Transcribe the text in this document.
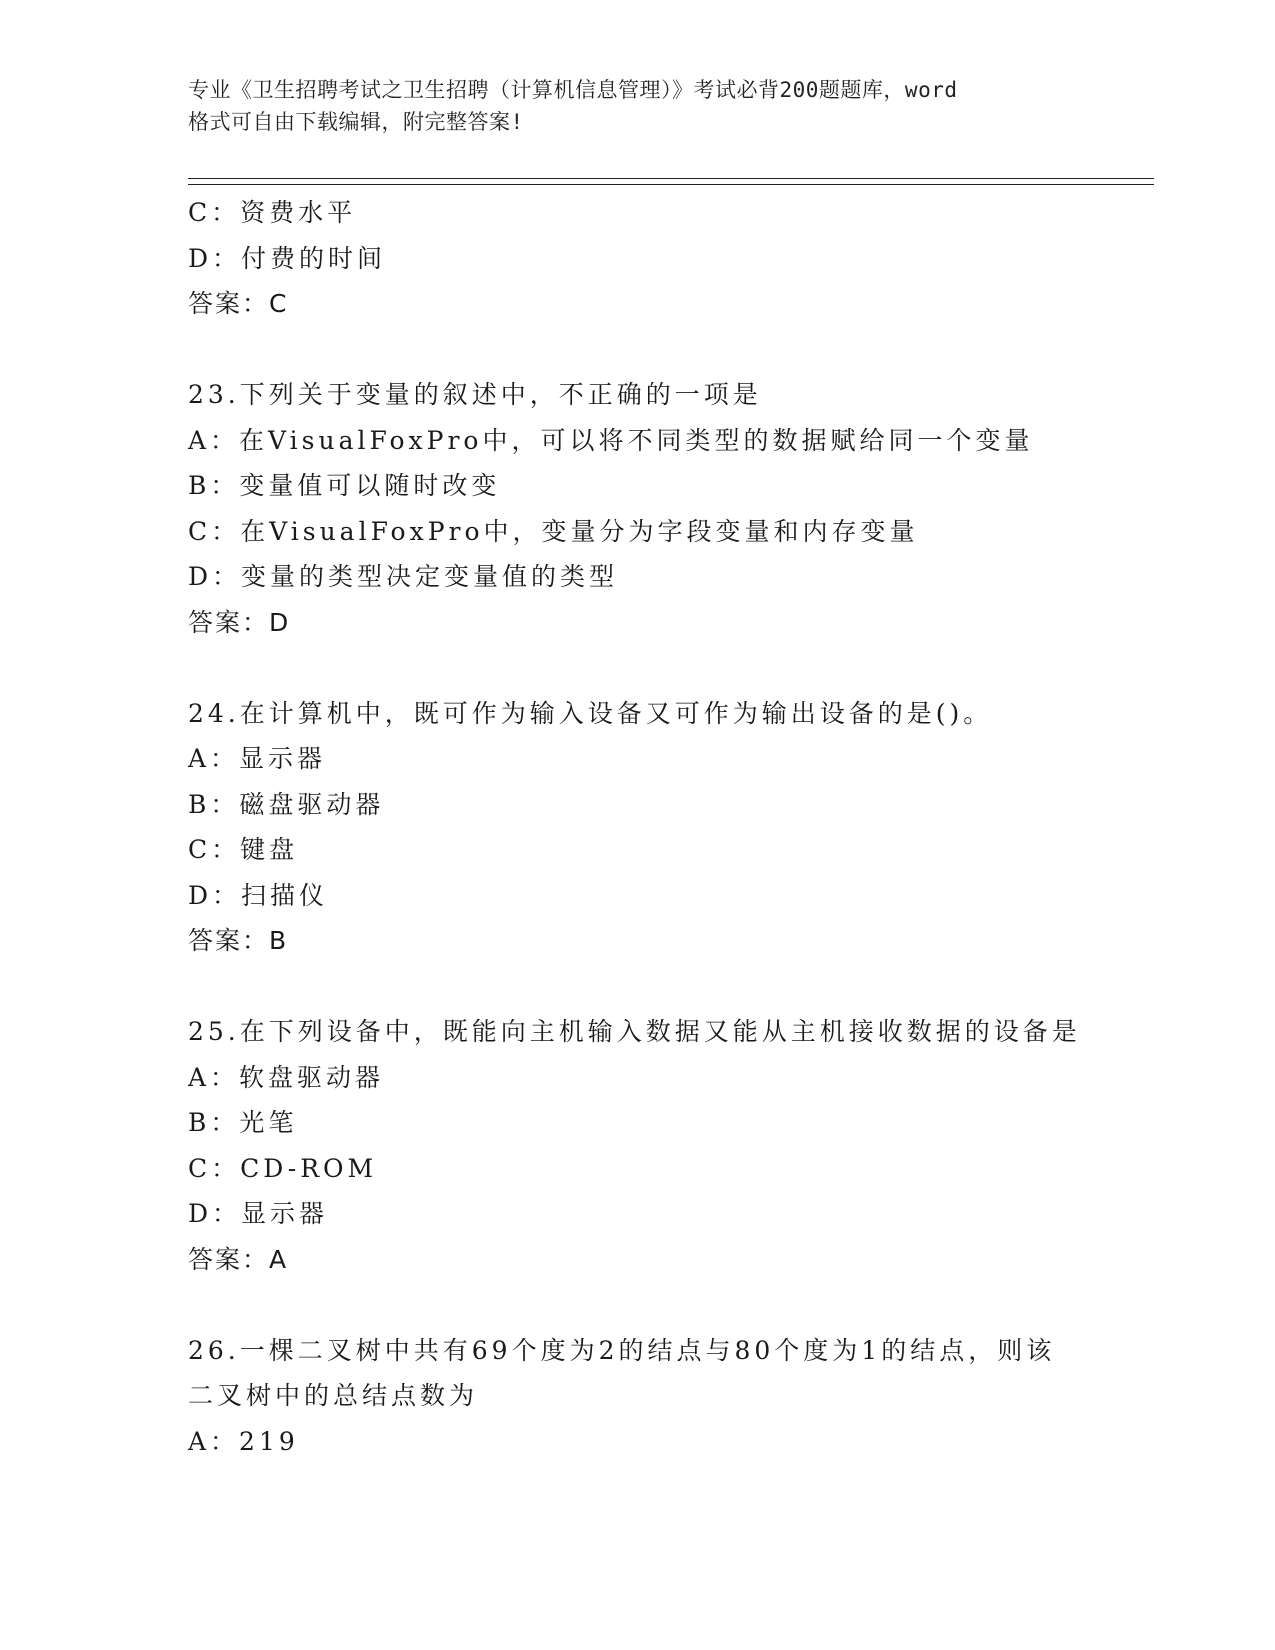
专业《卫生招聘考试之卫生招聘（计算机信息管理）》考试必背200题题库，word
格式可自由下载编辑，附完整答案!
C：资费水平
D：付费的时间
答案：C
23.下列关于变量的叙述中，不正确的一项是
A：在VisualFoxPro中，可以将不同类型的数据赋给同一个变量
B：变量值可以随时改变
C：在VisualFoxPro中，变量分为字段变量和内存变量
D：变量的类型决定变量值的类型
答案：D
24.在计算机中，既可作为输入设备又可作为输出设备的是()。
A：显示器
B：磁盘驱动器
C：键盘
D：扫描仪
答案：B
25.在下列设备中，既能向主机输入数据又能从主机接收数据的设备是
A：软盘驱动器
B：光笔
C：CD-ROM
D：显示器
答案：A
26.一棵二叉树中共有69个度为2的结点与80个度为1的结点，则该
二叉树中的总结点数为
A：219
